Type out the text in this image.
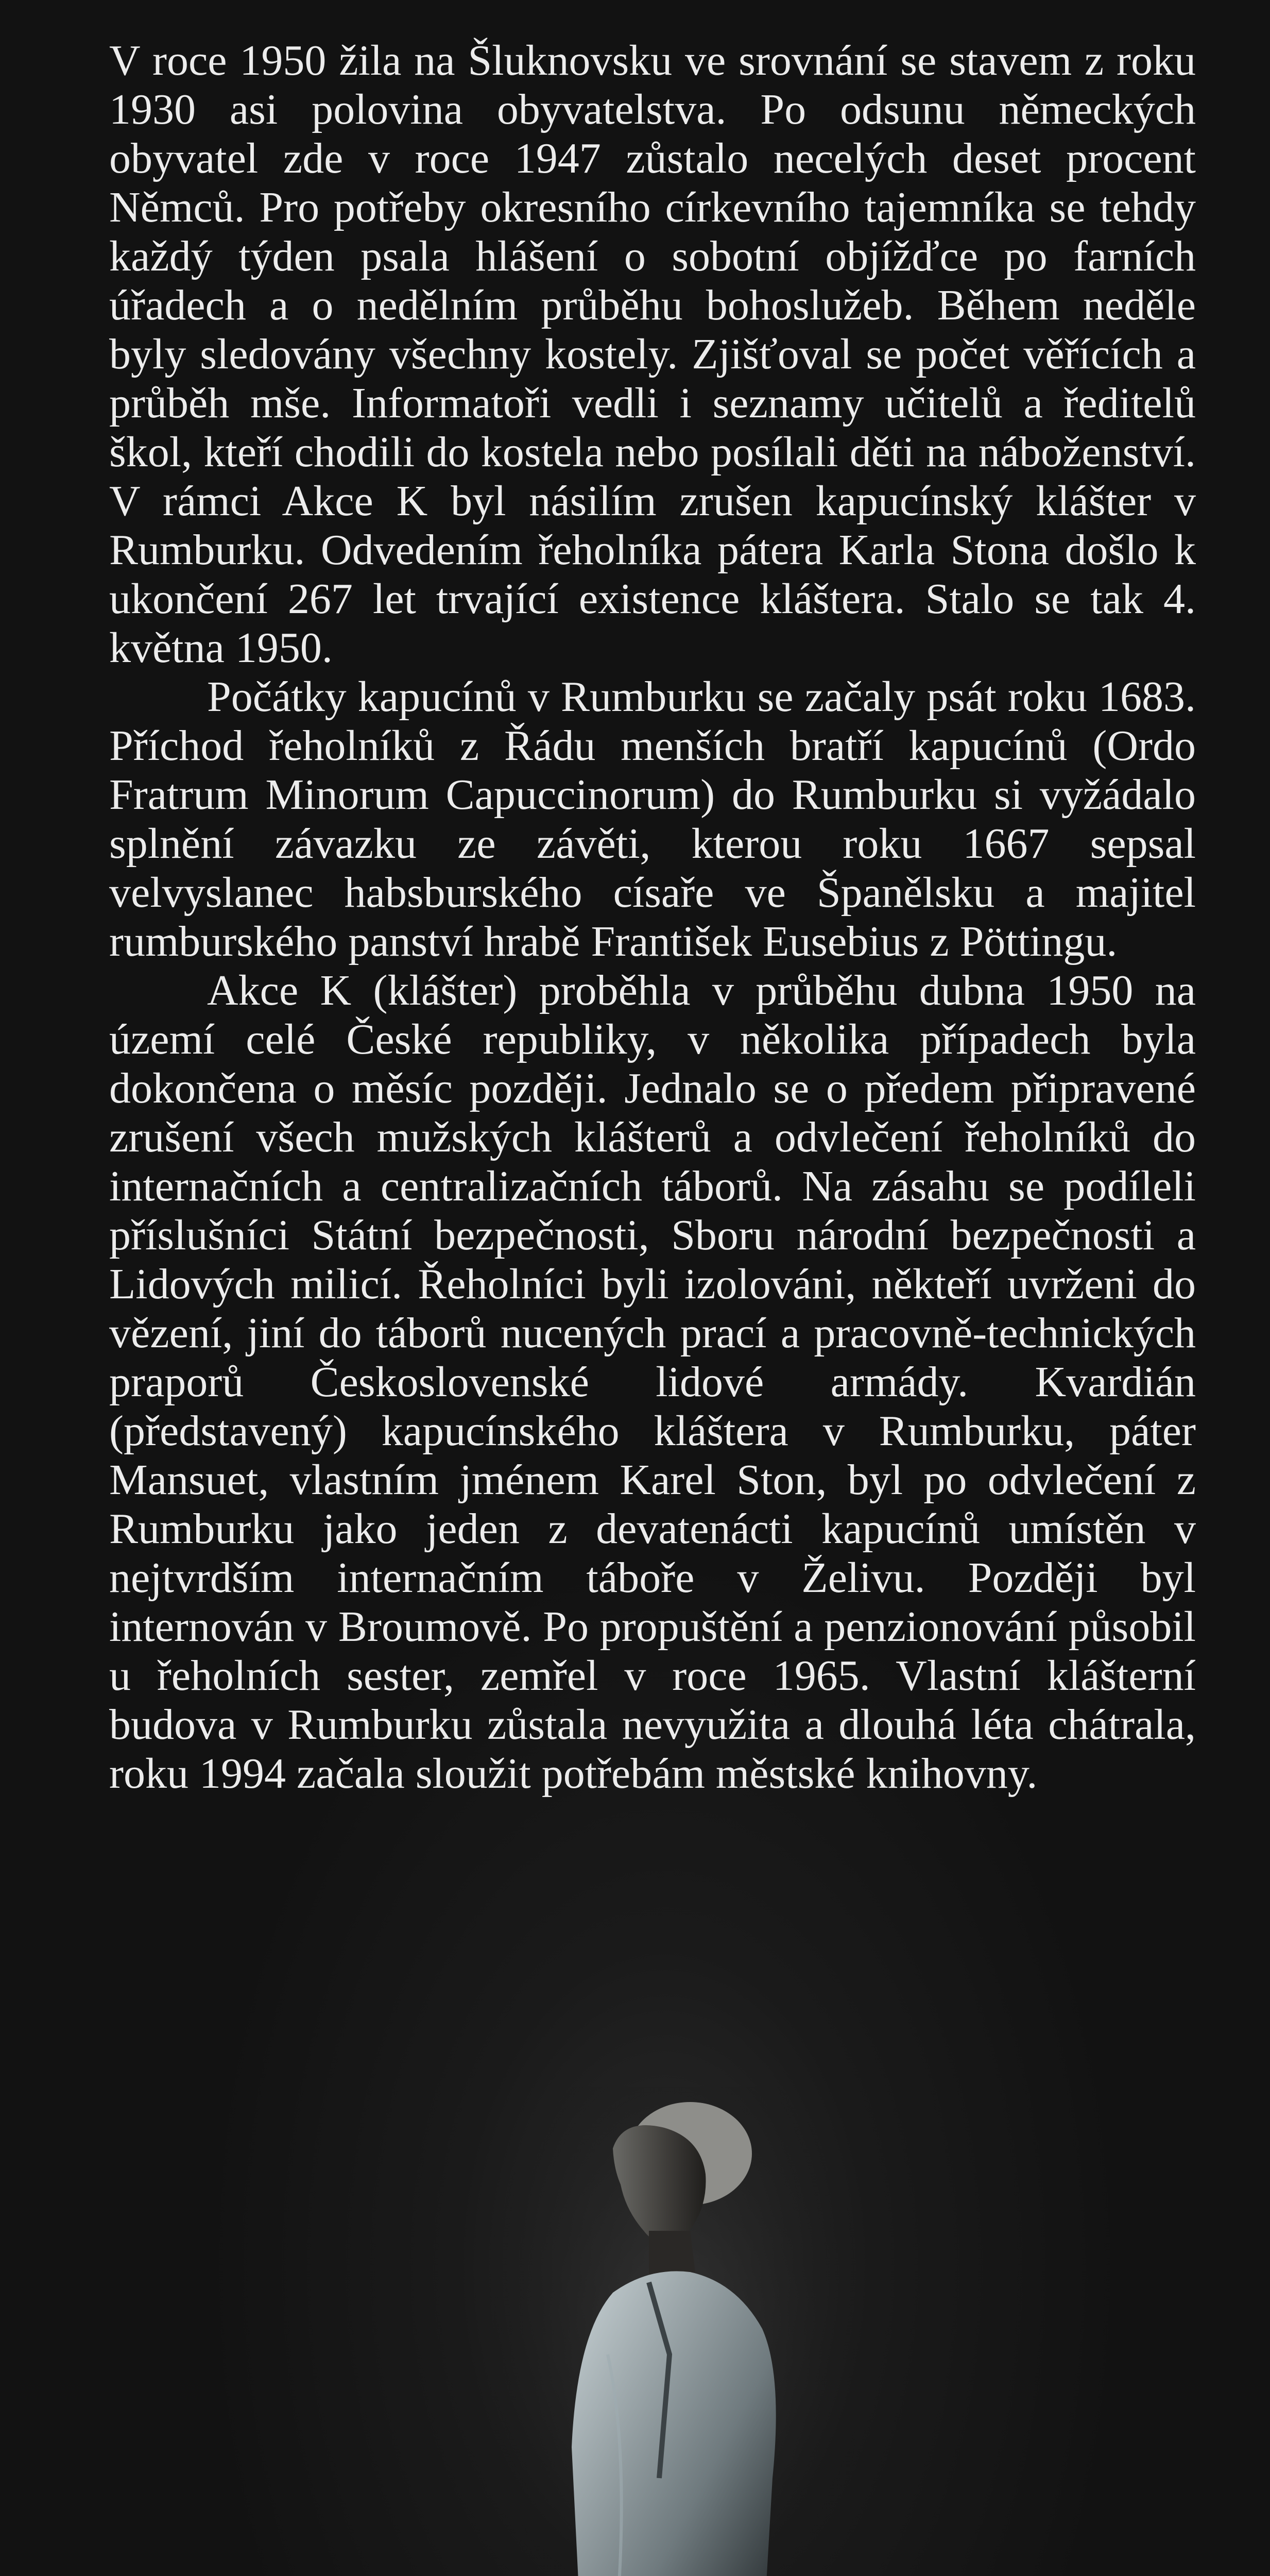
V roce 1950 žila na Šluknovsku ve srovnání se stavem z roku 1930 asi polovina obyvatelstva. Po odsunu německých obyvatel zde v roce 1947 zůstalo necelých deset procent Němců. Pro potřeby okresního církevního tajemníka se tehdy každý týden psala hlášení o sobotní objížďce po farních úřadech a o nedělním průběhu bohoslužeb. Během neděle byly sledovány všechny kostely. Zjišťoval se počet věřících a průběh mše. Informatoři vedli i seznamy učitelů a ředitelů škol, kteří chodili do kostela nebo posílali děti na náboženství. V rámci Akce K byl násilím zrušen kapucínský klášter v Rumburku. Odvedením řeholníka pátera Karla Stona došlo k ukončení 267 let trvající existence kláštera. Stalo se tak 4. května 1950.

Počátky kapucínů v Rumburku se začaly psát roku 1683. Příchod řeholníků z Řádu menších bratří kapucínů (Ordo Fratrum Minorum Capuccinorum) do Rumburku si vyžádalo splnění závazku ze závěti, kterou roku 1667 sepsal velvyslanec habsburského císaře ve Španělsku a majitel rumburského panství hrabě František Eusebius z Pöttingu.

Akce K (klášter) proběhla v průběhu dubna 1950 na území celé České republiky, v několika případech byla dokončena o měsíc později. Jednalo se o předem připravené zrušení všech mužských klášterů a odvlečení řeholníků do internačních a centralizačních táborů. Na zásahu se podíleli příslušníci Státní bezpečnosti, Sboru národní bezpečnosti a Lidových milicí. Řeholníci byli izolováni, někteří uvrženi do vězení, jiní do táborů nucených prací a pracovně-technických praporů Československé lidové armády. Kvardián (představený) kapucínského kláštera v Rumburku, páter Mansuet, vlastním jménem Karel Ston, byl po odvlečení z Rumburku jako jeden z devatenácti kapucínů umístěn v nejtvrdším internačním táboře v Želivu. Později byl internován v Broumově. Po propuštění a penzionování působil u řeholních sester, zemřel v roce 1965. Vlastní klášterní budova v Rumburku zůstala nevyužita a dlouhá léta chátrala, roku 1994 začala sloužit potřebám městské knihovny.
